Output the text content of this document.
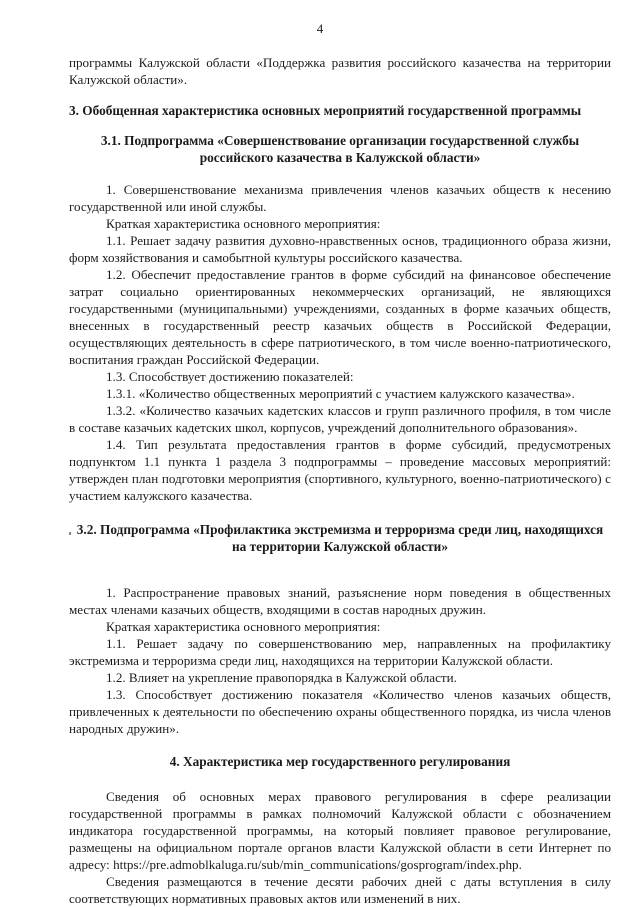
4

программы Калужской области «Поддержка развития российского казачества на территории Калужской области».

3. Обобщенная характеристика основных мероприятий государственной программы
3.1. Подпрограмма «Совершенствование организации государственной службы российского казачества в Калужской области»

1. Совершенствование механизма привлечения членов казачьих обществ к несению государственной или иной службы.

Краткая характеристика основного мероприятия:

1.1. Решает задачу развития духовно-нравственных основ, традиционного образа жизни, форм хозяйствования и самобытной культуры российского казачества.

1.2. Обеспечит предоставление грантов в форме субсидий на финансовое обеспечение затрат социально ориентированных некоммерческих организаций, не являющихся государственными (муниципальными) учреждениями, созданных в форме казачьих обществ, внесенных в государственный реестр казачьих обществ в Российской Федерации, осуществляющих деятельность в сфере патриотического, в том числе военно-патриотического, воспитания граждан Российской Федерации.

1.3. Способствует достижению показателей:

1.3.1. «Количество общественных мероприятий с участием калужского казачества».

1.3.2. «Количество казачьих кадетских классов и групп различного профиля, в том числе в составе казачьих кадетских школ, корпусов, учреждений дополнительного образования».

1.4. Тип результата предоставления грантов в форме субсидий, предусмотреных подпунктом 1.1 пункта 1 раздела 3 подпрограммы – проведение массовых мероприятий: утвержден план подготовки мероприятия (спортивного, культурного, военно-патриотического) с участием калужского казачества.

3.2. Подпрограмма «Профилактика экстремизма и терроризма среди лиц, находящихся на территории Калужской области»

1. Распространение правовых знаний, разъяснение норм поведения в общественных местах членами казачьих обществ, входящими в состав народных дружин.

Краткая характеристика основного мероприятия:

1.1. Решает задачу по совершенствованию мер, направленных на профилактику экстремизма и терроризма среди лиц, находящихся на территории Калужской области.

1.2. Влияет на укрепление правопорядка в Калужской области.

1.3. Способствует достижению показателя «Количество членов казачьих обществ, привлеченных к деятельности по обеспечению охраны общественного порядка, из числа членов народных дружин».

4. Характеристика мер государственного регулирования

Сведения об основных мерах правового регулирования в сфере реализации государственной программы в рамках полномочий Калужской области с обозначением индикатора государственной программы, на который повлияет правовое регулирование, размещены на официальном портале органов власти Калужской области в сети Интернет по адресу: https://pre.admoblkaluga.ru/sub/min_communications/gosprogram/index.php.

Сведения размещаются в течение десяти рабочих дней с даты вступления в силу соответствующих нормативных правовых актов или изменений в них.
